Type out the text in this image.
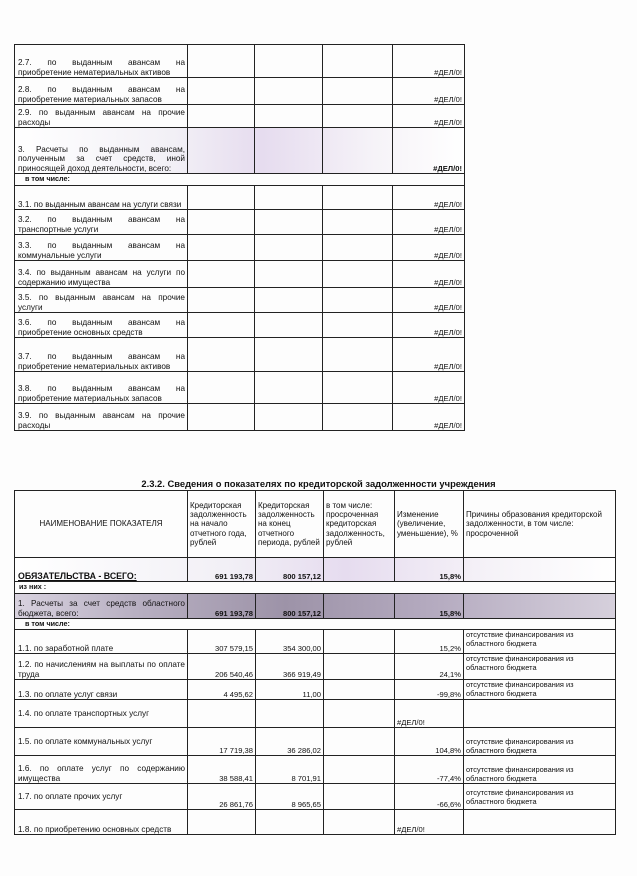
2.7. по выданным авансам на приобретение нематериальных активов				#ДЕЛ/0!
2.8. по выданным авансам на приобретение материальных запасов				#ДЕЛ/0!
2.9. по выданным авансам на прочие расходы				#ДЕЛ/0!
3. Расчеты по выданным авансам, полученным за счет средств, иной приносящей доход деятельности, всего:				#ДЕЛ/0!
в том числе:				
3.1. по выданным авансам на услуги связи				#ДЕЛ/0!
3.2. по выданным авансам на транспортные услуги				#ДЕЛ/0!
3.3. по выданным авансам на коммунальные услуги				#ДЕЛ/0!
3.4. по выданным авансам на услуги по содержанию имущества				#ДЕЛ/0!
3.5. по выданным авансам на прочие услуги				#ДЕЛ/0!
3.6. по выданным авансам на приобретение основных средств				#ДЕЛ/0!
3.7. по выданным авансам на приобретение нематериальных активов				#ДЕЛ/0!
3.8. по выданным авансам на приобретение материальных запасов				#ДЕЛ/0!
3.9. по выданным авансам на прочие расходы				#ДЕЛ/0!
2.3.2. Сведения о показателях по кредиторской задолженности учреждения
НАИМЕНОВАНИЕ ПОКАЗАТЕЛЯ	Кредиторская задолженность на начало отчетного года, рублей	Кредиторская задолженность на конец отчетного периода, рублей	в том числе: просроченная кредиторская задолженность, рублей	Изменение (увеличение, уменьшение), %	Причины образования кредиторской задолженности, в том числе: просроченной
ОБЯЗАТЕЛЬСТВА - ВСЕГО:	691 193,78	800 157,12		15,8%	
из них :					
1. Расчеты за счет средств областного бюджета, всего:	691 193,78	800 157,12		15,8%	
в том числе:					
1.1. по заработной плате	307 579,15	354 300,00		15,2%	отсутствие финансирования из областного бюджета
1.2. по начислениям на выплаты по оплате труда	206 540,46	366 919,49		24,1%	отсутствие финансирования из областного бюджета
1.3. по оплате услуг связи	4 495,62	11,00		-99,8%	отсутствие финансирования из областного бюджета
1.4. по оплате транспортных услуг				#ДЕЛ/0!	
1.5. по оплате коммунальных услуг	17 719,38	36 286,02		104,8%	отсутствие финансирования из областного бюджета
1.6. по оплате услуг по содержанию имущества	38 588,41	8 701,91		-77,4%	отсутствие финансирования из областного бюджета
1.7. по оплате прочих услуг	26 861,76	8 965,65		-66,6%	отсутствие финансирования из областного бюджета
1.8. по приобретению основных средств				#ДЕЛ/0!	
